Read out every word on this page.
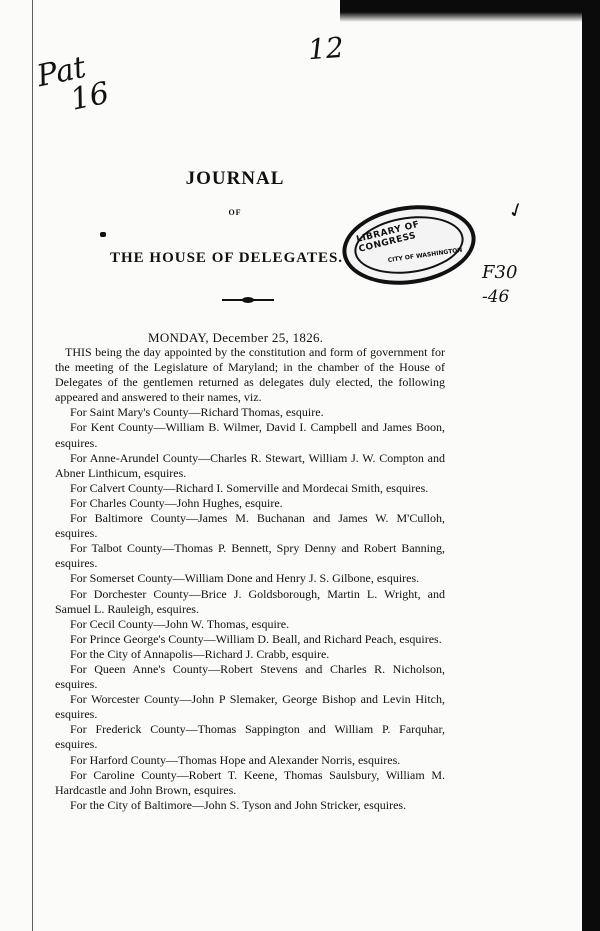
12
Pat
16
JOURNAL
OF
THE HOUSE OF DELEGATES.
LIBRARY OF CONGRESS
CITY OF WASHINGTON
✓
F30
-46
MONDAY, December 25, 1826.

THIS being the day appointed by the constitution and form of government for the meeting of the Legislature of Maryland; in the chamber of the House of Delegates of the gentlemen returned as delegates duly elected, the following appeared and answered to their names, viz.

For Saint Mary's County—Richard Thomas, esquire.

For Kent County—William B. Wilmer, David I. Campbell and James Boon, esquires.

For Anne-Arundel County—Charles R. Stewart, William J. W. Compton and Abner Linthicum, esquires.

For Calvert County—Richard I. Somerville and Mordecai Smith, esquires.

For Charles County—John Hughes, esquire.

For Baltimore County—James M. Buchanan and James W. M'Culloh, esquires.

For Talbot County—Thomas P. Bennett, Spry Denny and Robert Banning, esquires.

For Somerset County—William Done and Henry J. S. Gilbone, esquires.

For Dorchester County—Brice J. Goldsborough, Martin L. Wright, and Samuel L. Rauleigh, esquires.

For Cecil County—John W. Thomas, esquire.

For Prince George's County—William D. Beall, and Richard Peach, esquires.

For the City of Annapolis—Richard J. Crabb, esquire.

For Queen Anne's County—Robert Stevens and Charles R. Nicholson, esquires.

For Worcester County—John P Slemaker, George Bishop and Levin Hitch, esquires.

For Frederick County—Thomas Sappington and William P. Farquhar, esquires.

For Harford County—Thomas Hope and Alexander Norris, esquires.

For Caroline County—Robert T. Keene, Thomas Saulsbury, William M. Hardcastle and John Brown, esquires.

For the City of Baltimore—John S. Tyson and John Stricker, esquires.
